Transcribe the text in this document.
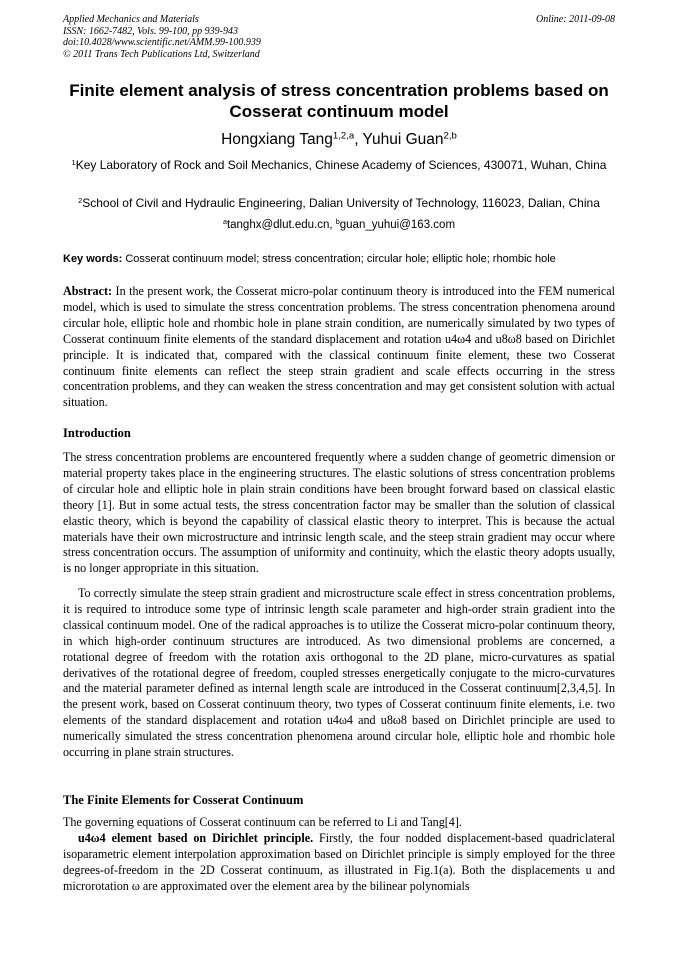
Applied Mechanics and Materials
ISSN: 1662-7482, Vols. 99-100, pp 939-943
doi:10.4028/www.scientific.net/AMM.99-100.939
© 2011 Trans Tech Publications Ltd, Switzerland
Online: 2011-09-08
Finite element analysis of stress concentration problems based on Cosserat continuum model
Hongxiang Tang$^{1,2,a}$, Yuhui Guan$^{2,b}$
$^1$Key Laboratory of Rock and Soil Mechanics, Chinese Academy of Sciences, 430071, Wuhan, China
$^2$School of Civil and Hydraulic Engineering, Dalian University of Technology, 116023, Dalian, China
$^a$tanghx@dlut.edu.cn, $^b$guan_yuhui@163.com
Key words: Cosserat continuum model; stress concentration; circular hole; elliptic hole; rhombic hole
Abstract: In the present work, the Cosserat micro-polar continuum theory is introduced into the FEM numerical model, which is used to simulate the stress concentration problems. The stress concentration phenomena around circular hole, elliptic hole and rhombic hole in plane strain condition, are numerically simulated by two types of Cosserat continuum finite elements of the standard displacement and rotation u4ω4 and u8ω8 based on Dirichlet principle. It is indicated that, compared with the classical continuum finite element, these two Cosserat continuum finite elements can reflect the steep strain gradient and scale effects occurring in the stress concentration problems, and they can weaken the stress concentration and may get consistent solution with actual situation.
Introduction
The stress concentration problems are encountered frequently where a sudden change of geometric dimension or material property takes place in the engineering structures. The elastic solutions of stress concentration problems of circular hole and elliptic hole in plain strain conditions have been brought forward based on classical elastic theory [1]. But in some actual tests, the stress concentration factor may be smaller than the solution of classical elastic theory, which is beyond the capability of classical elastic theory to interpret. This is because the actual materials have their own microstructure and intrinsic length scale, and the steep strain gradient may occur where stress concentration occurs. The assumption of uniformity and continuity, which the elastic theory adopts usually, is no longer appropriate in this situation.
To correctly simulate the steep strain gradient and microstructure scale effect in stress concentration problems, it is required to introduce some type of intrinsic length scale parameter and high-order strain gradient into the classical continuum model. One of the radical approaches is to utilize the Cosserat micro-polar continuum theory, in which high-order continuum structures are introduced. As two dimensional problems are concerned, a rotational degree of freedom with the rotation axis orthogonal to the 2D plane, micro-curvatures as spatial derivatives of the rotational degree of freedom, coupled stresses energetically conjugate to the micro-curvatures and the material parameter defined as internal length scale are introduced in the Cosserat continuum[2,3,4,5]. In the present work, based on Cosserat continuum theory, two types of Cosserat continuum finite elements, i.e. two elements of the standard displacement and rotation u4ω4 and u8ω8 based on Dirichlet principle are used to numerically simulated the stress concentration phenomena around circular hole, elliptic hole and rhombic hole occurring in plane strain structures.
The Finite Elements for Cosserat Continuum
The governing equations of Cosserat continuum can be referred to Li and Tang[4].
u4ω4 element based on Dirichlet principle. Firstly, the four nodded displacement-based quadriclateral isoparametric element interpolation approximation based on Dirichlet principle is simply employed for the three degrees-of-freedom in the 2D Cosserat continuum, as illustrated in Fig.1(a). Both the displacements u and microrotation ω are approximated over the element area by the bilinear polynomials
